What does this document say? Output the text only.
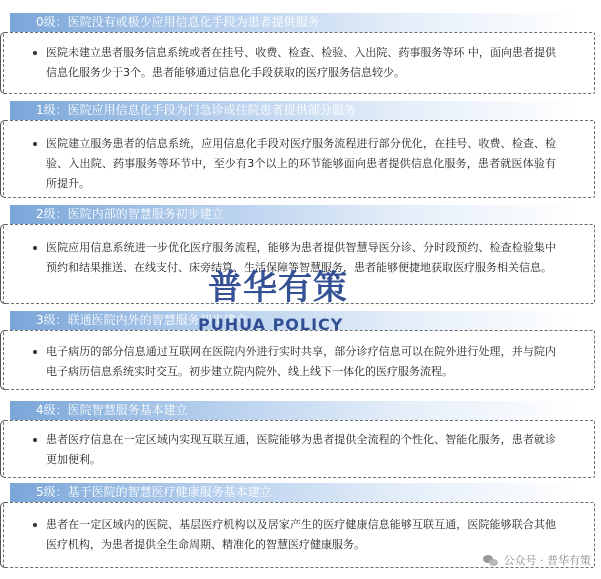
0级：医院没有或极少应用信息化手段为患者提供服务

医院未建立患者服务信息系统或者在挂号、收费、检查、检验、入出院、药事服务等环 中，面向患者提供信息化服务少于3个。患者能够通过信息化手段获取的医疗服务信息较少。

1级：医院应用信息化手段为门急诊或住院患者提供部分服务

医院建立服务患者的信息系统，应用信息化手段对医疗服务流程进行部分优化，在挂号、收费、检查、检验、入出院、药事服务等环节中，至少有3个以上的环节能够面向患者提供信息化服务，患者就医体验有所提升。

2级：医院内部的智慧服务初步建立

医院应用信息系统进一步优化医疗服务流程，能够为患者提供智慧导医分诊、分时段预约、检查检验集中预约和结果推送、在线支付、床旁结算、生活保障等智慧服务，患者能够便捷地获取医疗服务相关信息。

3级：联通医院内外的智慧服务初步建立

电子病历的部分信息通过互联网在医院内外进行实时共享，部分诊疗信息可以在院外进行处理，并与院内电子病历信息系统实时交互。初步建立院内院外、线上线下一体化的医疗服务流程。

4级：医院智慧服务基本建立

患者医疗信息在一定区域内实现互联互通，医院能够为患者提供全流程的个性化、智能化服务，患者就诊更加便利。

5级：基于医院的智慧医疗健康服务基本建立

患者在一定区域内的医院、基层医疗机构以及居家产生的医疗健康信息能够互联互通，医院能够联合其他医疗机构，为患者提供全生命周期、精准化的智慧医疗健康服务。

普华有策
PUHUA POLICY
公众号 · 普华有策
